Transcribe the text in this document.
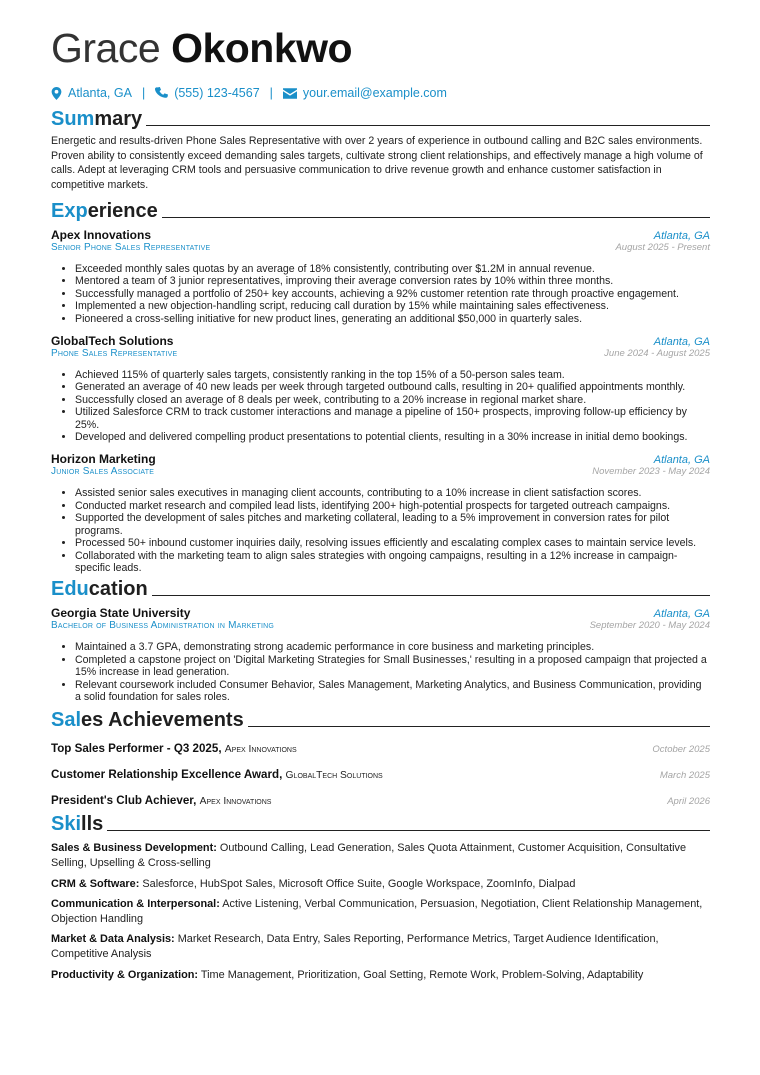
Grace Okonkwo
Atlanta, GA | (555) 123-4567 | your.email@example.com
Summary
Energetic and results-driven Phone Sales Representative with over 2 years of experience in outbound calling and B2C sales environments. Proven ability to consistently exceed demanding sales targets, cultivate strong client relationships, and effectively manage a high volume of calls. Adept at leveraging CRM tools and persuasive communication to drive revenue growth and enhance customer satisfaction in competitive markets.
Experience
Apex Innovations	Atlanta, GA
Senior Phone Sales Representative	August 2025 - Present
• Exceeded monthly sales quotas by an average of 18% consistently, contributing over $1.2M in annual revenue.
• Mentored a team of 3 junior representatives, improving their average conversion rates by 10% within three months.
• Successfully managed a portfolio of 250+ key accounts, achieving a 92% customer retention rate through proactive engagement.
• Implemented a new objection-handling script, reducing call duration by 15% while maintaining sales effectiveness.
• Pioneered a cross-selling initiative for new product lines, generating an additional $50,000 in quarterly sales.
GlobalTech Solutions	Atlanta, GA
Phone Sales Representative	June 2024 - August 2025
• Achieved 115% of quarterly sales targets, consistently ranking in the top 15% of a 50-person sales team.
• Generated an average of 40 new leads per week through targeted outbound calls, resulting in 20+ qualified appointments monthly.
• Successfully closed an average of 8 deals per week, contributing to a 20% increase in regional market share.
• Utilized Salesforce CRM to track customer interactions and manage a pipeline of 150+ prospects, improving follow-up efficiency by 25%.
• Developed and delivered compelling product presentations to potential clients, resulting in a 30% increase in initial demo bookings.
Horizon Marketing	Atlanta, GA
Junior Sales Associate	November 2023 - May 2024
• Assisted senior sales executives in managing client accounts, contributing to a 10% increase in client satisfaction scores.
• Conducted market research and compiled lead lists, identifying 200+ high-potential prospects for targeted outreach campaigns.
• Supported the development of sales pitches and marketing collateral, leading to a 5% improvement in conversion rates for pilot programs.
• Processed 50+ inbound customer inquiries daily, resolving issues efficiently and escalating complex cases to maintain service levels.
• Collaborated with the marketing team to align sales strategies with ongoing campaigns, resulting in a 12% increase in campaign-specific leads.
Education
Georgia State University	Atlanta, GA
Bachelor of Business Administration in Marketing	September 2020 - May 2024
• Maintained a 3.7 GPA, demonstrating strong academic performance in core business and marketing principles.
• Completed a capstone project on 'Digital Marketing Strategies for Small Businesses,' resulting in a proposed campaign that projected a 15% increase in lead generation.
• Relevant coursework included Consumer Behavior, Sales Management, Marketing Analytics, and Business Communication, providing a solid foundation for sales roles.
Sales Achievements
Top Sales Performer - Q3 2025, Apex Innovations	October 2025
Customer Relationship Excellence Award, GlobalTech Solutions	March 2025
President's Club Achiever, Apex Innovations	April 2026
Skills
Sales & Business Development: Outbound Calling, Lead Generation, Sales Quota Attainment, Customer Acquisition, Consultative Selling, Upselling & Cross-selling
CRM & Software: Salesforce, HubSpot Sales, Microsoft Office Suite, Google Workspace, ZoomInfo, Dialpad
Communication & Interpersonal: Active Listening, Verbal Communication, Persuasion, Negotiation, Client Relationship Management, Objection Handling
Market & Data Analysis: Market Research, Data Entry, Sales Reporting, Performance Metrics, Target Audience Identification, Competitive Analysis
Productivity & Organization: Time Management, Prioritization, Goal Setting, Remote Work, Problem-Solving, Adaptability
